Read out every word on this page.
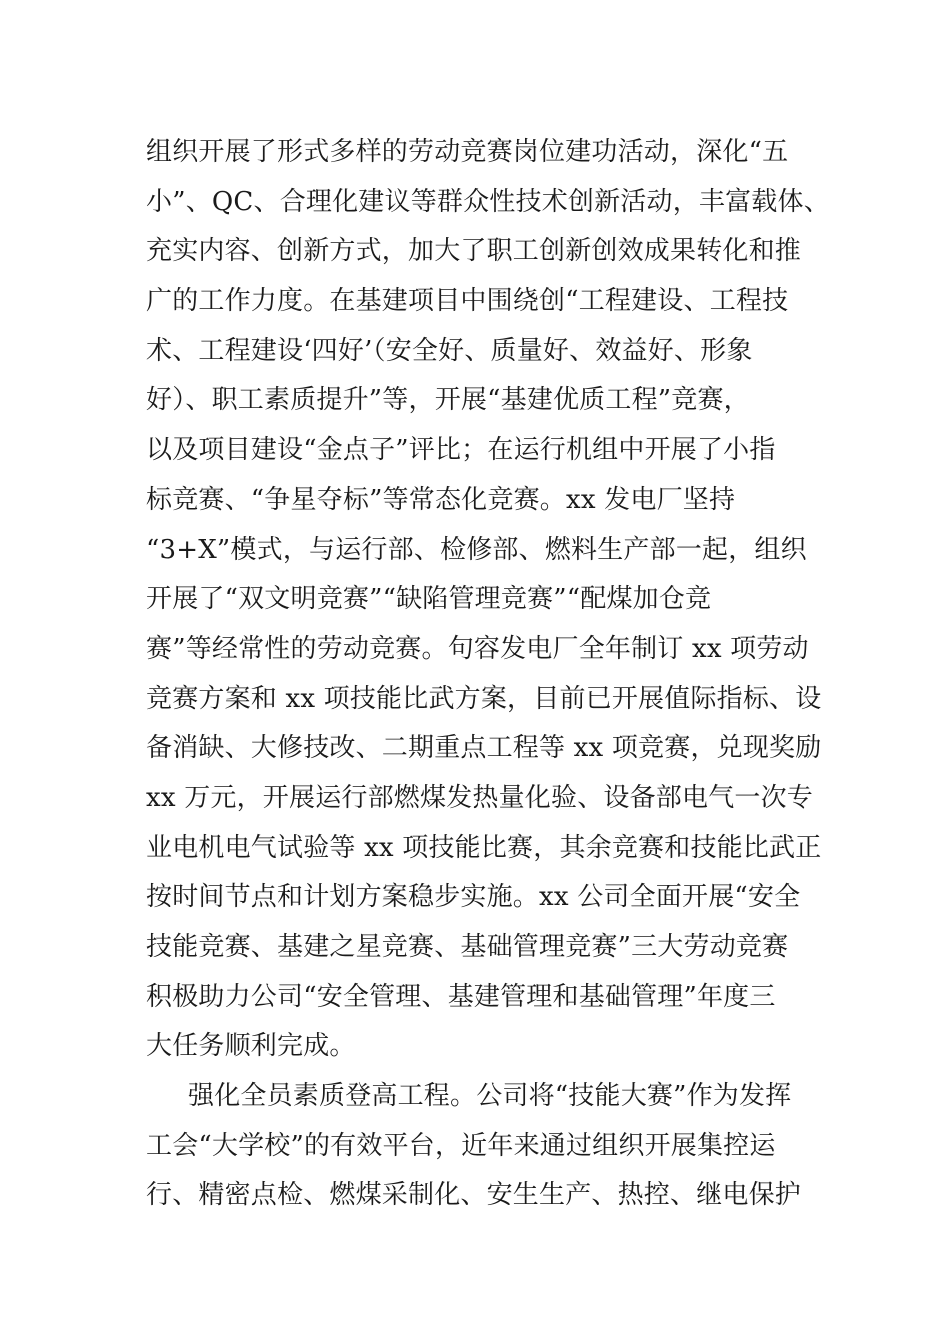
组织开展了形式多样的劳动竞赛岗位建功活动，深化“五
小”、QC、合理化建议等群众性技术创新活动，丰富载体、
充实内容、创新方式，加大了职工创新创效成果转化和推
广的工作力度。在基建项目中围绕创“工程建设、工程技
术、工程建设‘四好’（安全好、质量好、效益好、形象
好）、职工素质提升”等，开展“基建优质工程”竞赛，
以及项目建设“金点子”评比；在运行机组中开展了小指
标竞赛、“争星夺标”等常态化竞赛。xx 发电厂坚持
“3+X”模式，与运行部、检修部、燃料生产部一起，组织
开展了“双文明竞赛”“缺陷管理竞赛”“配煤加仓竞
赛”等经常性的劳动竞赛。句容发电厂全年制订 xx 项劳动
竞赛方案和 xx 项技能比武方案，目前已开展值际指标、设
备消缺、大修技改、二期重点工程等 xx 项竞赛，兑现奖励
xx 万元，开展运行部燃煤发热量化验、设备部电气一次专
业电机电气试验等 xx 项技能比赛，其余竞赛和技能比武正
按时间节点和计划方案稳步实施。xx 公司全面开展“安全
技能竞赛、基建之星竞赛、基础管理竞赛”三大劳动竞赛
积极助力公司“安全管理、基建管理和基础管理”年度三
大任务顺利完成。
强化全员素质登高工程。公司将“技能大赛”作为发挥
工会“大学校”的有效平台，近年来通过组织开展集控运
行、精密点检、燃煤采制化、安生生产、热控、继电保护
